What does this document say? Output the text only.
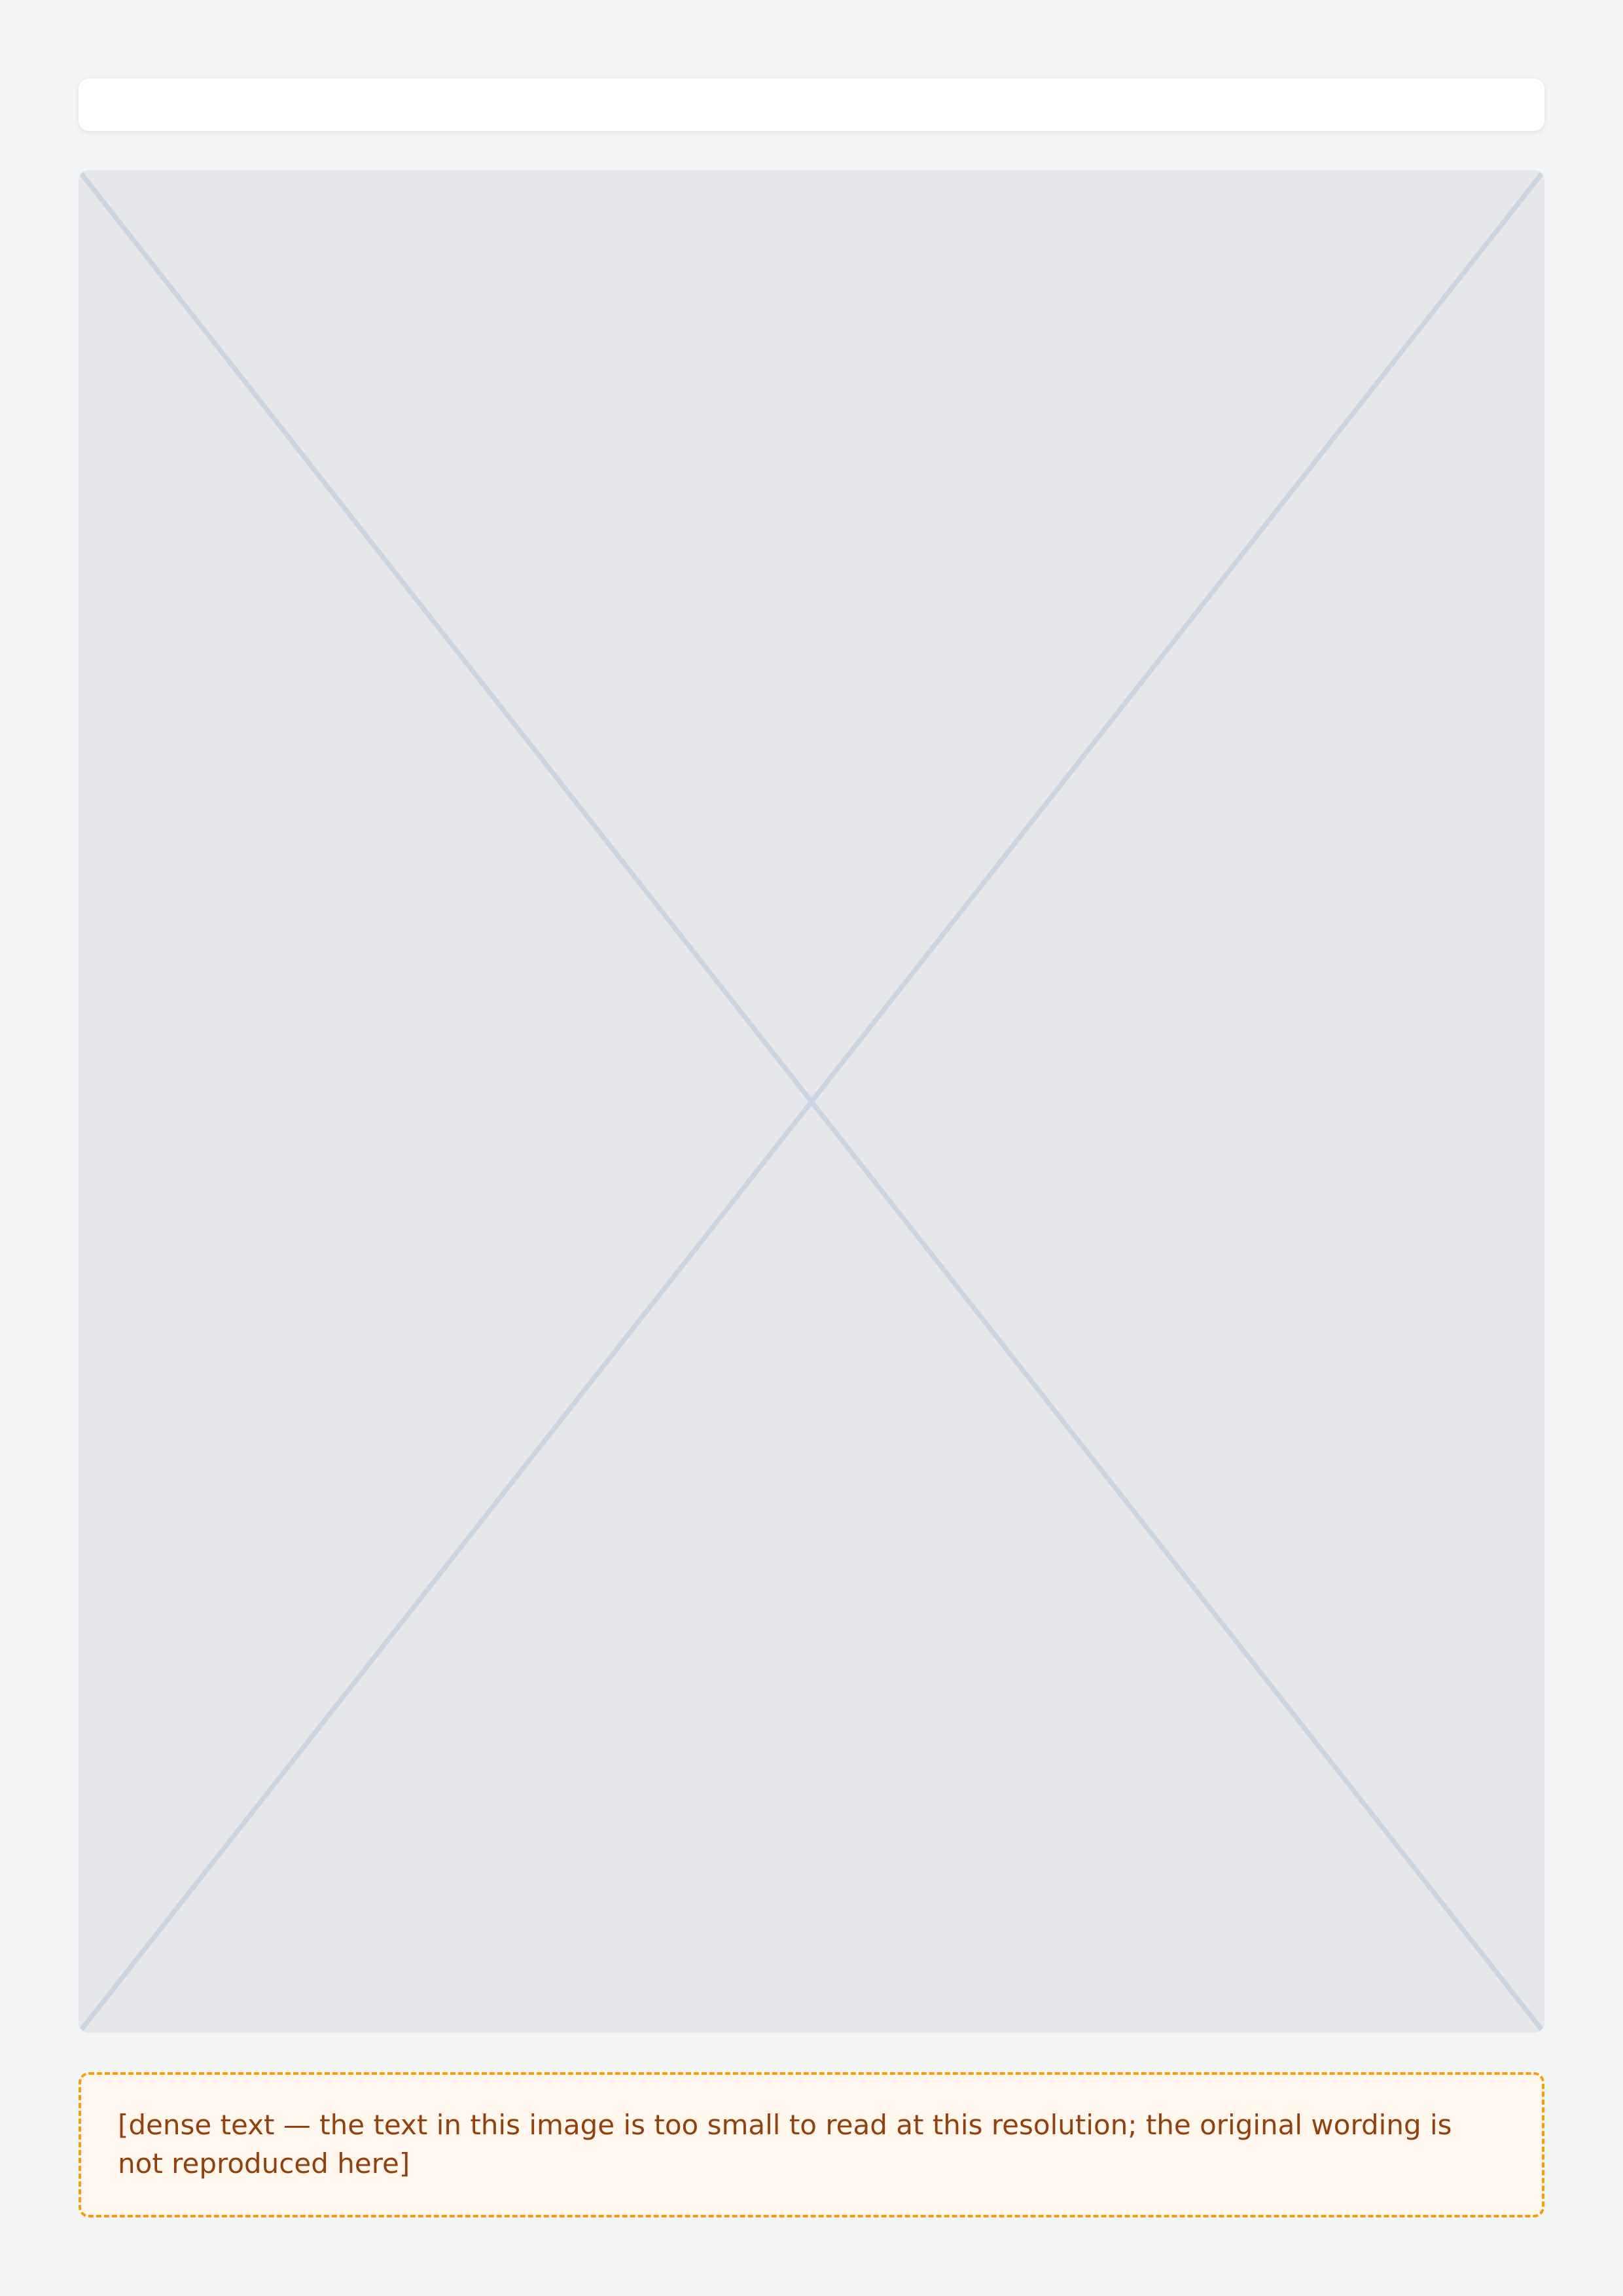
[dense text — the text in this image is too small to read at this resolution; the original wording is not reproduced here]
